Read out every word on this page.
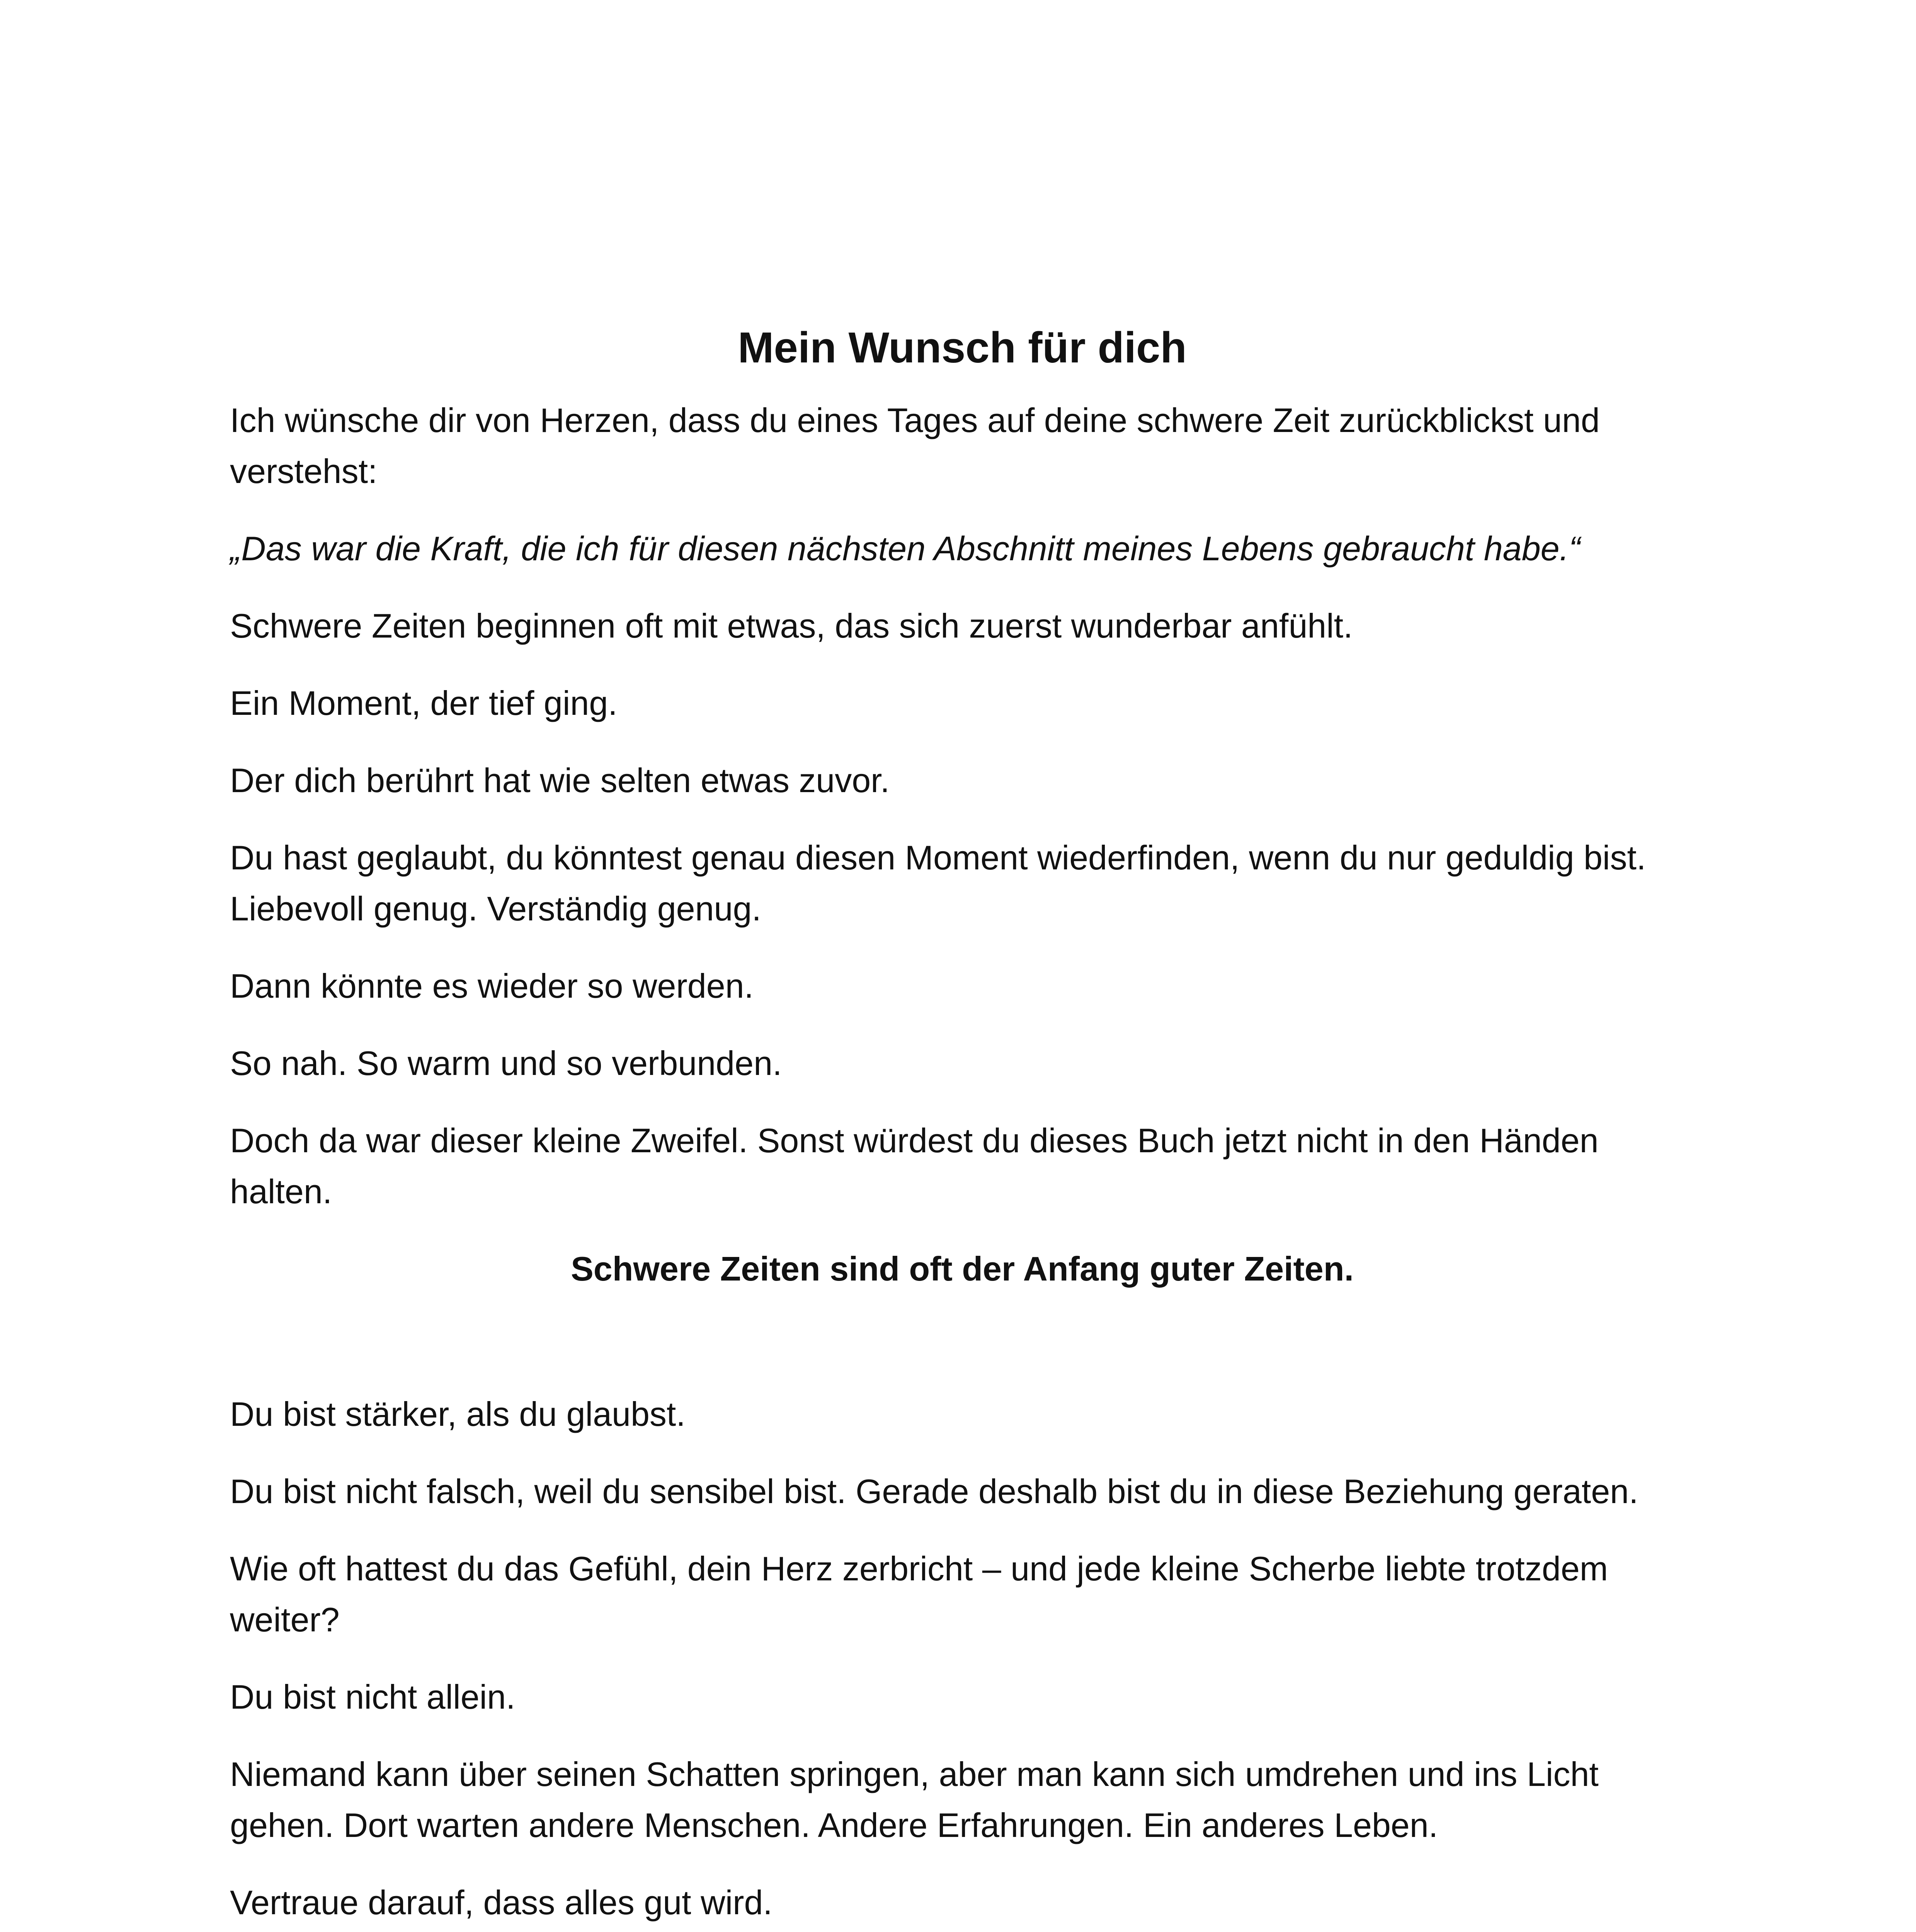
Mein Wunsch für dich

Ich wünsche dir von Herzen, dass du eines Tages auf deine schwere Zeit zurückblickst und verstehst:

„Das war die Kraft, die ich für diesen nächsten Abschnitt meines Lebens gebraucht habe.“

Schwere Zeiten beginnen oft mit etwas, das sich zuerst wunderbar anfühlt.

Ein Moment, der tief ging.

Der dich berührt hat wie selten etwas zuvor.

Du hast geglaubt, du könntest genau diesen Moment wiederfinden, wenn du nur geduldig bist. Liebevoll genug. Verständig genug.

Dann könnte es wieder so werden.

So nah. So warm und so verbunden.

Doch da war dieser kleine Zweifel. Sonst würdest du dieses Buch jetzt nicht in den Händen halten.

Schwere Zeiten sind oft der Anfang guter Zeiten.

Du bist stärker, als du glaubst.

Du bist nicht falsch, weil du sensibel bist. Gerade deshalb bist du in diese Beziehung geraten.

Wie oft hattest du das Gefühl, dein Herz zerbricht – und jede kleine Scherbe liebte trotzdem weiter?

Du bist nicht allein.

Niemand kann über seinen Schatten springen, aber man kann sich umdrehen und ins Licht gehen. Dort warten andere Menschen. Andere Erfahrungen. Ein anderes Leben.

Vertraue darauf, dass alles gut wird.
